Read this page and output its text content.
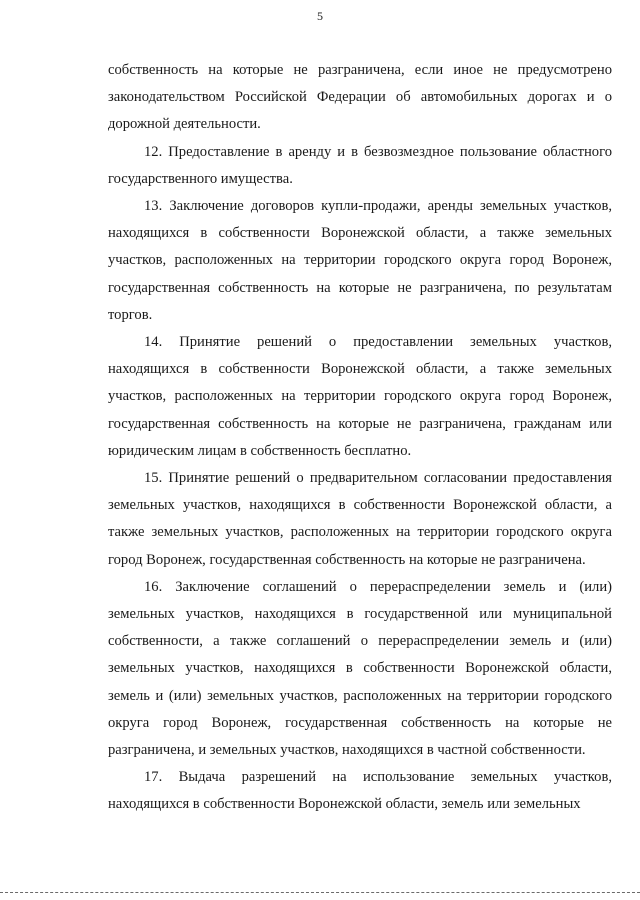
5

собственность на которые не разграничена, если иное не предусмотрено законодательством Российской Федерации об автомобильных дорогах и о дорожной деятельности.

12. Предоставление в аренду и в безвозмездное пользование областного государственного имущества.

13. Заключение договоров купли-продажи, аренды земельных участков, находящихся в собственности Воронежской области, а также земельных участков, расположенных на территории городского округа город Воронеж, государственная собственность на которые не разграничена, по результатам торгов.

14. Принятие решений о предоставлении земельных участков, находящихся в собственности Воронежской области, а также земельных участков, расположенных на территории городского округа город Воронеж, государственная собственность на которые не разграничена, гражданам или юридическим лицам в собственность бесплатно.

15. Принятие решений о предварительном согласовании предоставления земельных участков, находящихся в собственности Воронежской области, а также земельных участков, расположенных на территории городского округа город Воронеж, государственная собственность на которые не разграничена.

16. Заключение соглашений о перераспределении земель и (или) земельных участков, находящихся в государственной или муниципальной собственности, а также соглашений о перераспределении земель и (или) земельных участков, находящихся в собственности Воронежской области, земель и (или) земельных участков, расположенных на территории городского округа город Воронеж, государственная собственность на которые не разграничена, и земельных участков, находящихся в частной собственности.

17. Выдача разрешений на использование земельных участков, находящихся в собственности Воронежской области, земель или земельных
